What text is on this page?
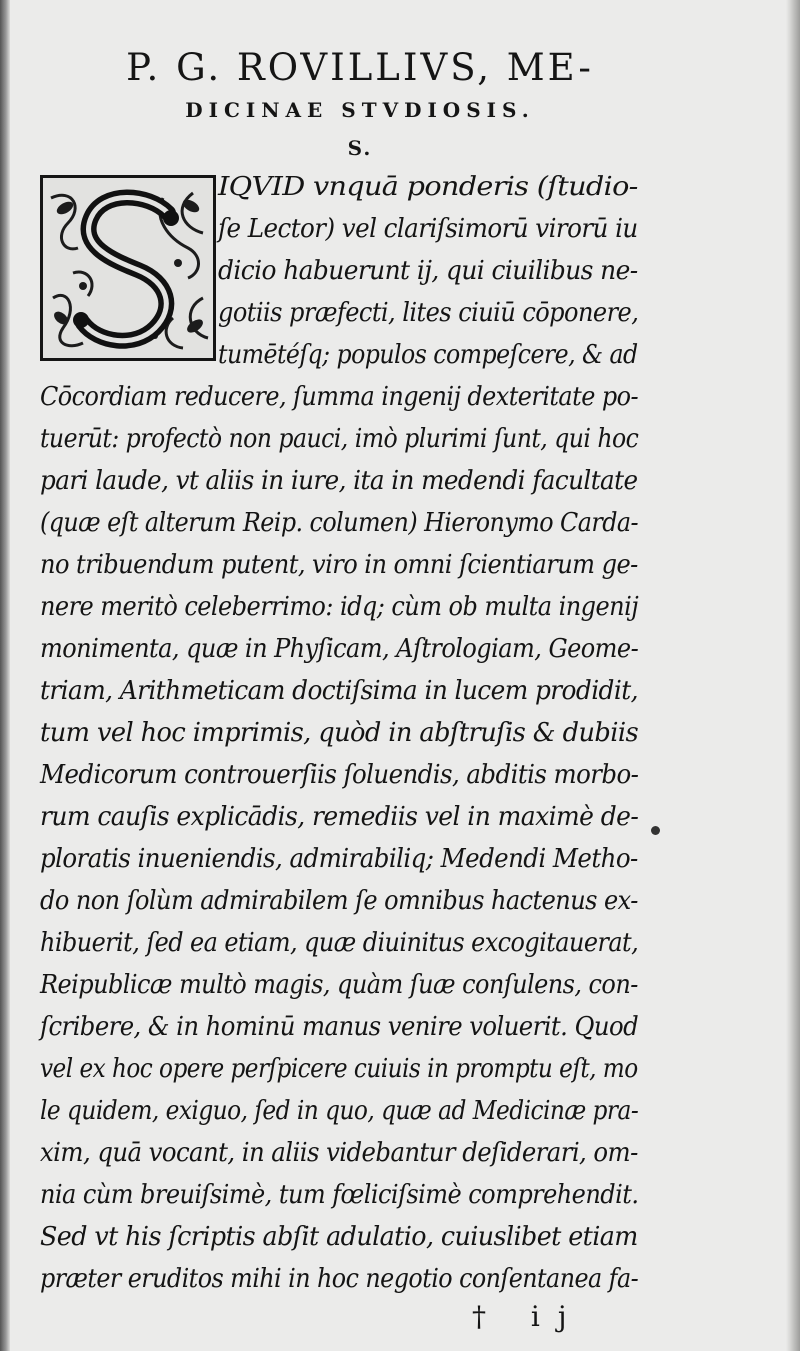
P. G. ROVILLIVS, ME-
DICINAE STVDIOSIS.
S.
IQVID vnquā ponderis (ſtudio-
ſe Lector) vel clariſsimorū virorū iu
dicio habuerunt ij, qui ciuilibus ne-
gotiis præfecti, lites ciuiū cōponere,
tumētéſq; populos compeſcere, & ad
Cōcordiam reducere, ſumma ingenij dexteritate po-
tuerūt: profectò non pauci, imò plurimi ſunt, qui hoc
pari laude, vt aliis in iure, ita in medendi facultate
(quæ eſt alterum Reip. columen) Hieronymo Carda-
no tribuendum putent, viro in omni ſcientiarum ge-
nere meritò celeberrimo: idq; cùm ob multa ingenij
monimenta, quæ in Phyſicam, Aſtrologiam, Geome-
triam, Arithmeticam doctiſsima in lucem prodidit,
tum vel hoc imprimis, quòd in abſtruſis & dubiis
Medicorum controuerſiis ſoluendis, abditis morbo-
rum cauſis explicādis, remediis vel in maximè de-
ploratis inueniendis, admirabiliq; Medendi Metho-
do non ſolùm admirabilem ſe omnibus hactenus ex-
hibuerit, ſed ea etiam, quæ diuinitus excogitauerat,
Reipublicæ multò magis, quàm ſuæ conſulens, con-
ſcribere, & in hominū manus venire voluerit. Quod
vel ex hoc opere perſpicere cuiuis in promptu eſt, mo
le quidem, exiguo, ſed in quo, quæ ad Medicinæ pra-
xim, quā vocant, in aliis videbantur deſiderari, om-
nia cùm breuiſsimè, tum fœliciſsimè comprehendit.
Sed vt his ſcriptis abſit adulatio, cuiuslibet etiam
præter eruditos mihi in hoc negotio conſentanea fa-
† ij
